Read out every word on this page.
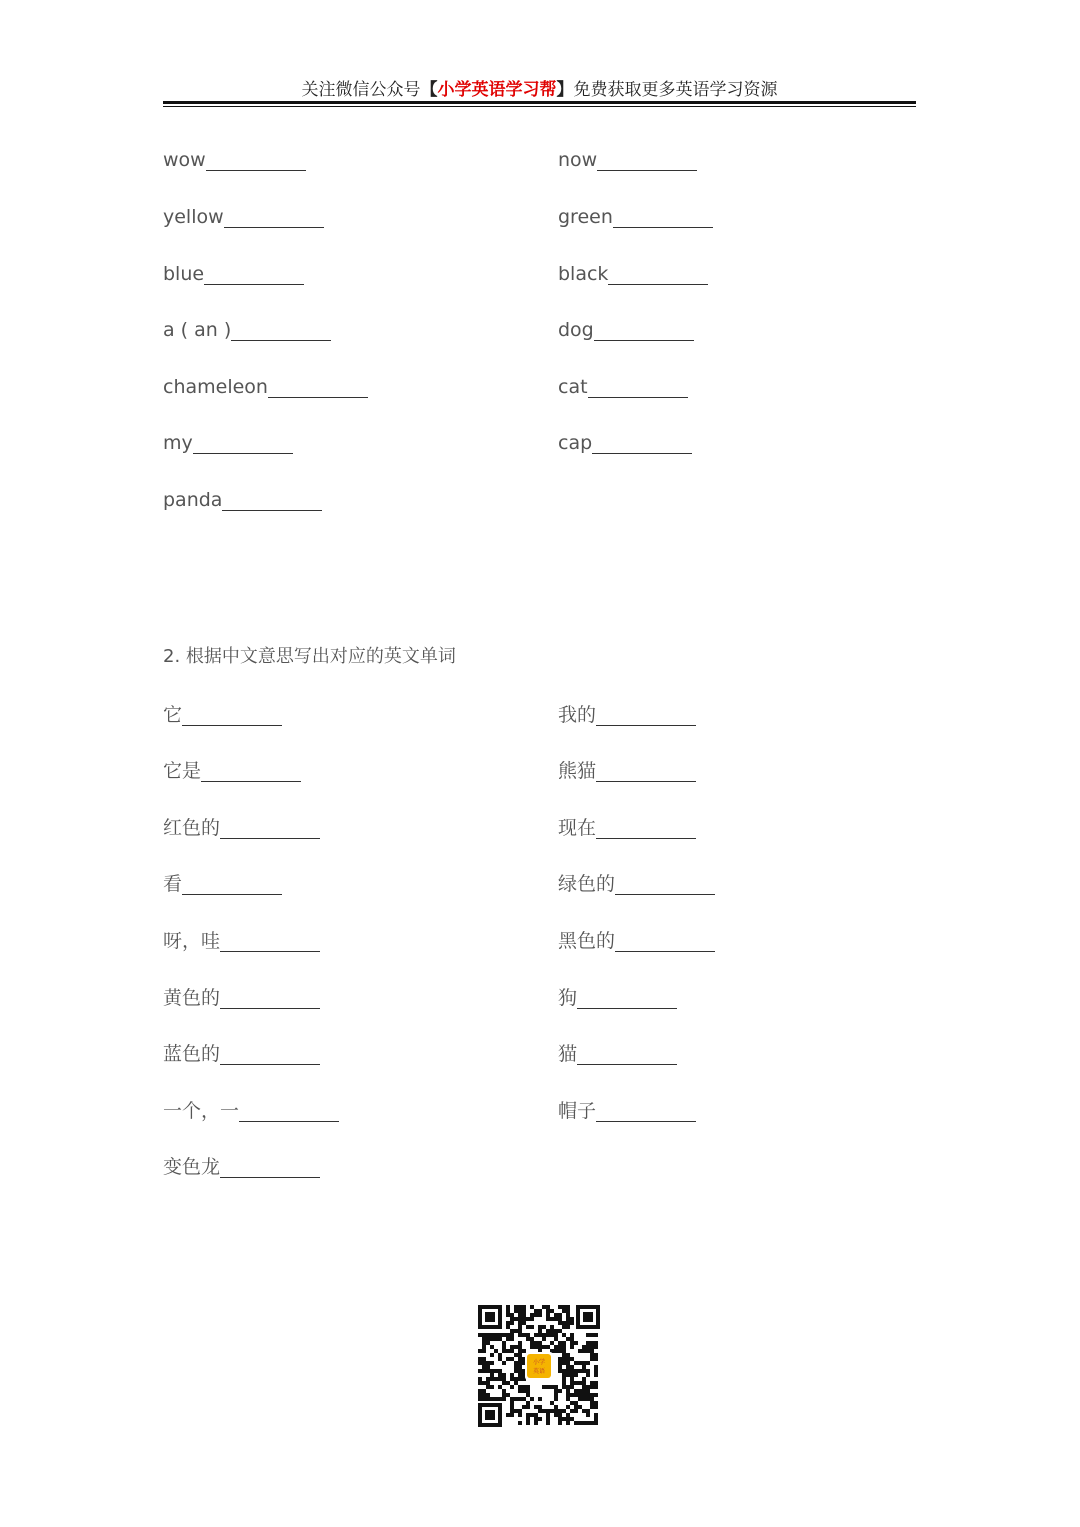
关注微信公众号【小学英语学习帮】免费获取更多英语学习资源
wow
yellow
blue
a ( an )
chameleon
my
panda
now
green
black
dog
cat
cap
2. 根据中文意思写出对应的英文单词
它
它是
红色的
看
呀，哇
黄色的
蓝色的
一个，一
变色龙
我的
熊猫
现在
绿色的
黑色的
狗
猫
帽子
小学
英语
